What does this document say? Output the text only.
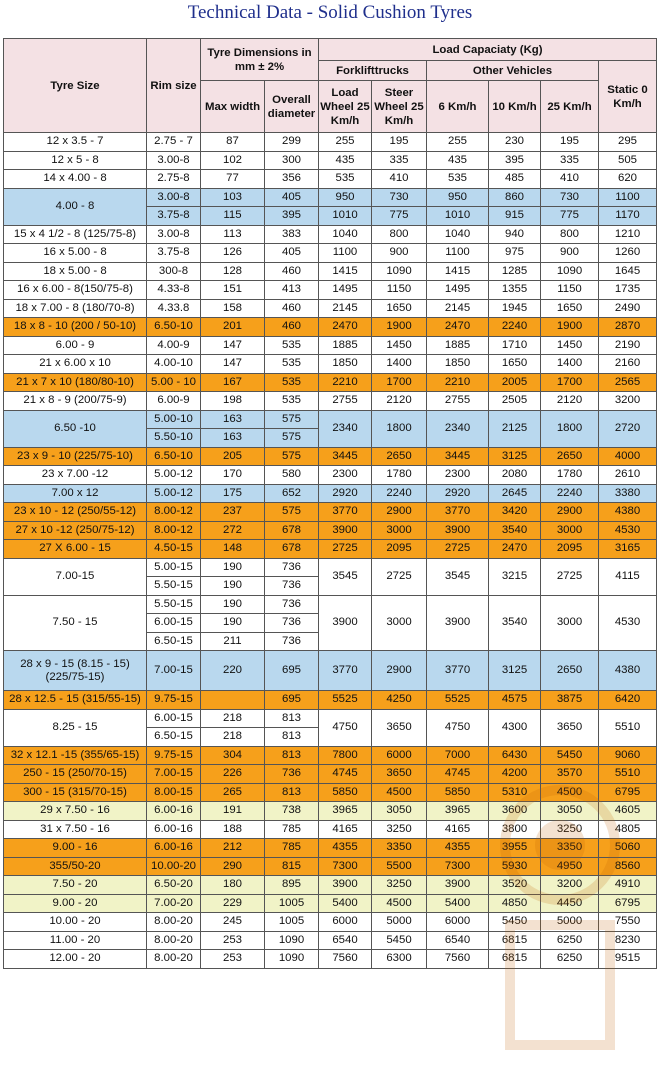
Technical Data - Solid Cushion Tyres
Tyre Size	Rim size	Tyre Dimensions in mm ± 2%		Load Capaciaty (Kg)					
				Forklifttrucks		Other Vehicles			Static 0 Km/h
		Max width	Overall diameter	Load Wheel 25 Km/h	Steer Wheel 25 Km/h	6 Km/h	10 Km/h	25 Km/h	
12 x 3.5 - 7	2.75 - 7	87	299	255	195	255	230	195	295
12 x 5 - 8	3.00-8	102	300	435	335	435	395	335	505
14 x 4.00 - 8	2.75-8	77	356	535	410	535	485	410	620
4.00 - 8	3.00-8	103	405	950	730	950	860	730	1100
	3.75-8	115	395	1010	775	1010	915	775	1170
15 x 4 1/2 - 8 (125/75-8)	3.00-8	113	383	1040	800	1040	940	800	1210
16 x 5.00 - 8	3.75-8	126	405	1100	900	1100	975	900	1260
18 x 5.00 - 8	300-8	128	460	1415	1090	1415	1285	1090	1645
16 x 6.00 - 8(150/75-8)	4.33-8	151	413	1495	1150	1495	1355	1150	1735
18 x 7.00 - 8 (180/70-8)	4.33.8	158	460	2145	1650	2145	1945	1650	2490
18 x 8 - 10 (200 / 50-10)	6.50-10	201	460	2470	1900	2470	2240	1900	2870
6.00 - 9	4.00-9	147	535	1885	1450	1885	1710	1450	2190
21 x 6.00 x 10	4.00-10	147	535	1850	1400	1850	1650	1400	2160
21 x 7 x 10 (180/80-10)	5.00 - 10	167	535	2210	1700	2210	2005	1700	2565
21 x 8 - 9 (200/75-9)	6.00-9	198	535	2755	2120	2755	2505	2120	3200
6.50 -10	5.00-10	163	575	2340	1800	2340	2125	1800	2720
	5.50-10	163	575						
23 x 9 - 10 (225/75-10)	6.50-10	205	575	3445	2650	3445	3125	2650	4000
23 x 7.00 -12	5.00-12	170	580	2300	1780	2300	2080	1780	2610
7.00 x 12	5.00-12	175	652	2920	2240	2920	2645	2240	3380
23 x 10 - 12 (250/55-12)	8.00-12	237	575	3770	2900	3770	3420	2900	4380
27 x 10 -12 (250/75-12)	8.00-12	272	678	3900	3000	3900	3540	3000	4530
27 X 6.00 - 15	4.50-15	148	678	2725	2095	2725	2470	2095	3165
7.00-15	5.00-15	190	736	3545	2725	3545	3215	2725	4115
	5.50-15	190	736						
7.50 - 15	5.50-15	190	736	3900	3000	3900	3540	3000	4530
	6.00-15	190	736						
	6.50-15	211	736						
28 x 9 - 15 (8.15 - 15) (225/75-15)	7.00-15	220	695	3770	2900	3770	3125	2650	4380
28 x 12.5 - 15 (315/55-15)	9.75-15		695	5525	4250	5525	4575	3875	6420
8.25 - 15	6.00-15	218	813	4750	3650	4750	4300	3650	5510
	6.50-15	218	813						
32 x 12.1 -15 (355/65-15)	9.75-15	304	813	7800	6000	7000	6430	5450	9060
250 - 15 (250/70-15)	7.00-15	226	736	4745	3650	4745	4200	3570	5510
300 - 15 (315/70-15)	8.00-15	265	813	5850	4500	5850	5310	4500	6795
29 x 7.50 - 16	6.00-16	191	738	3965	3050	3965	3600	3050	4605
31 x 7.50 - 16	6.00-16	188	785	4165	3250	4165	3800	3250	4805
9.00 - 16	6.00-16	212	785	4355	3350	4355	3955	3350	5060
355/50-20	10.00-20	290	815	7300	5500	7300	5930	4950	8560
7.50 - 20	6.50-20	180	895	3900	3250	3900	3520	3200	4910
9.00 - 20	7.00-20	229	1005	5400	4500	5400	4850	4450	6795
10.00 - 20	8.00-20	245	1005	6000	5000	6000	5450	5000	7550
11.00 - 20	8.00-20	253	1090	6540	5450	6540	6815	6250	8230
12.00 - 20	8.00-20	253	1090	7560	6300	7560	6815	6250	9515
